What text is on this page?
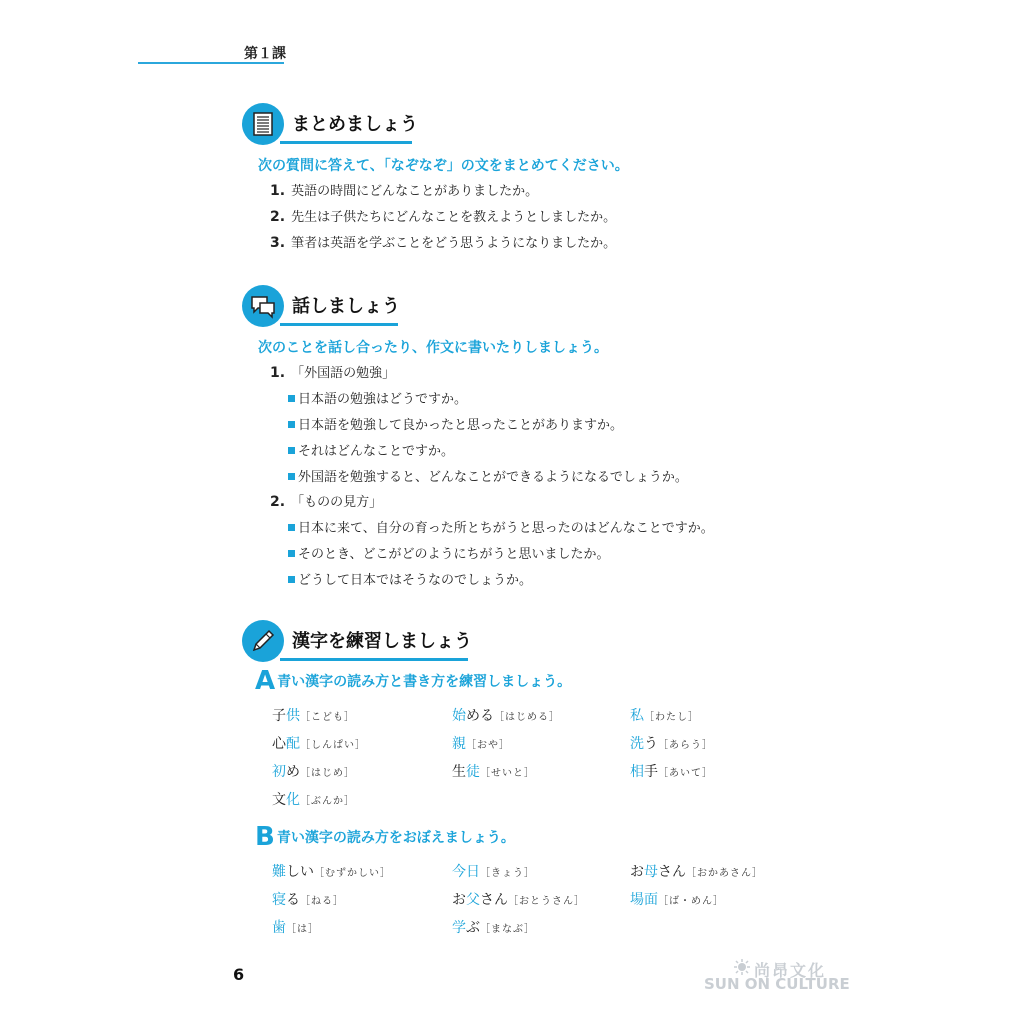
第１課
まとめましょう
次の質問に答えて、「なぞなぞ」の文をまとめてください。
1. 英語の時間にどんなことがありましたか。
2. 先生は子供たちにどんなことを教えようとしましたか。
3. 筆者は英語を学ぶことをどう思うようになりましたか。
話しましょう
次のことを話し合ったり、作文に書いたりしましょう。
1. 「外国語の勉強」
日本語の勉強はどうですか。
日本語を勉強して良かったと思ったことがありますか。
それはどんなことですか。
外国語を勉強すると、どんなことができるようになるでしょうか。
2. 「ものの見方」
日本に来て、自分の育った所とちがうと思ったのはどんなことですか。
そのとき、どこがどのようにちがうと思いましたか。
どうして日本ではそうなのでしょうか。
漢字を練習しましょう
A青い漢字の読み方と書き方を練習しましょう。
子供［こども］	始める［はじめる］	私［わたし］
心配［しんぱい］	親［おや］	洗う［あらう］
初め［はじめ］	生徒［せいと］	相手［あいて］
文化［ぶんか］
B青い漢字の読み方をおぼえましょう。
難しい［むずかしい］	今日［きょう］	お母さん［おかあさん］
寝る［ねる］	お父さん［おとうさん］	場面［ば・めん］
歯［は］	学ぶ［まなぶ］
6	尚昂文化
SUN ON CULTURE
